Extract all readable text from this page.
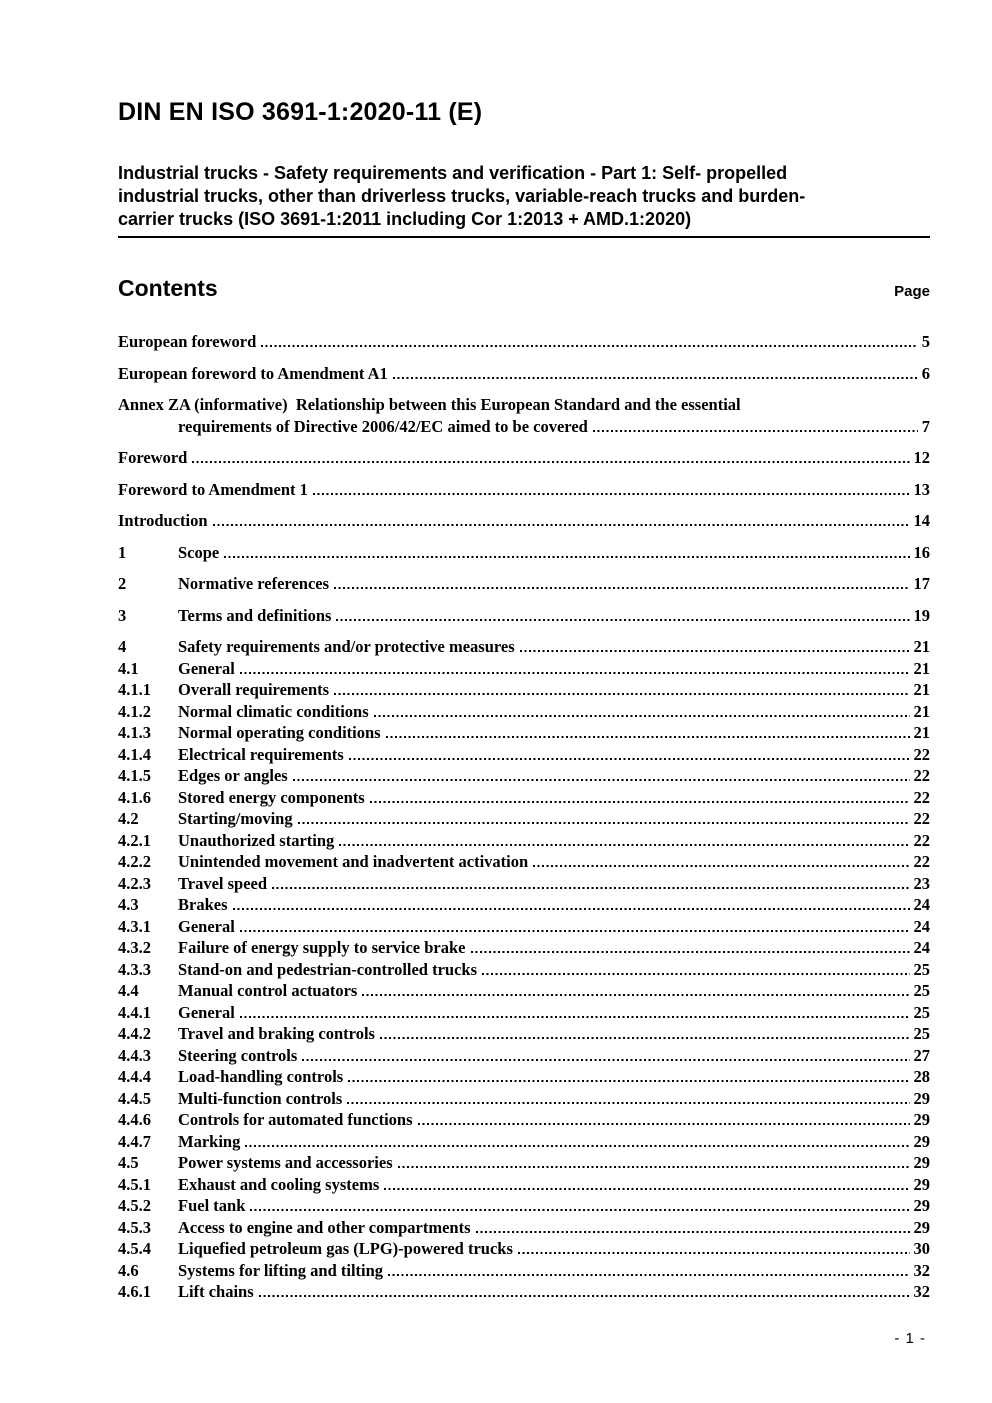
DIN EN ISO 3691-1:2020-11 (E)
Industrial trucks - Safety requirements and verification - Part 1: Self- propelled
industrial trucks, other than driverless trucks, variable-reach trucks and burden-
carrier trucks (ISO 3691-1:2011 including Cor 1:2013 + AMD.1:2020)
Contents	Page
European foreword	5
European foreword to Amendment A1	6
Annex ZA (informative)  Relationship between this European Standard and the essential
requirements of Directive 2006/42/EC aimed to be covered	7
Foreword	12
Foreword to Amendment 1	13
Introduction	14
1	Scope	16
2	Normative references	17
3	Terms and definitions	19
4	Safety requirements and/or protective measures	21
4.1	General	21
4.1.1	Overall requirements	21
4.1.2	Normal climatic conditions	21
4.1.3	Normal operating conditions	21
4.1.4	Electrical requirements	22
4.1.5	Edges or angles	22
4.1.6	Stored energy components	22
4.2	Starting/moving	22
4.2.1	Unauthorized starting	22
4.2.2	Unintended movement and inadvertent activation	22
4.2.3	Travel speed	23
4.3	Brakes	24
4.3.1	General	24
4.3.2	Failure of energy supply to service brake	24
4.3.3	Stand-on and pedestrian-controlled trucks	25
4.4	Manual control actuators	25
4.4.1	General	25
4.4.2	Travel and braking controls	25
4.4.3	Steering controls	27
4.4.4	Load-handling controls	28
4.4.5	Multi-function controls	29
4.4.6	Controls for automated functions	29
4.4.7	Marking	29
4.5	Power systems and accessories	29
4.5.1	Exhaust and cooling systems	29
4.5.2	Fuel tank	29
4.5.3	Access to engine and other compartments	29
4.5.4	Liquefied petroleum gas (LPG)-powered trucks	30
4.6	Systems for lifting and tilting	32
4.6.1	Lift chains	32
- 1 -
